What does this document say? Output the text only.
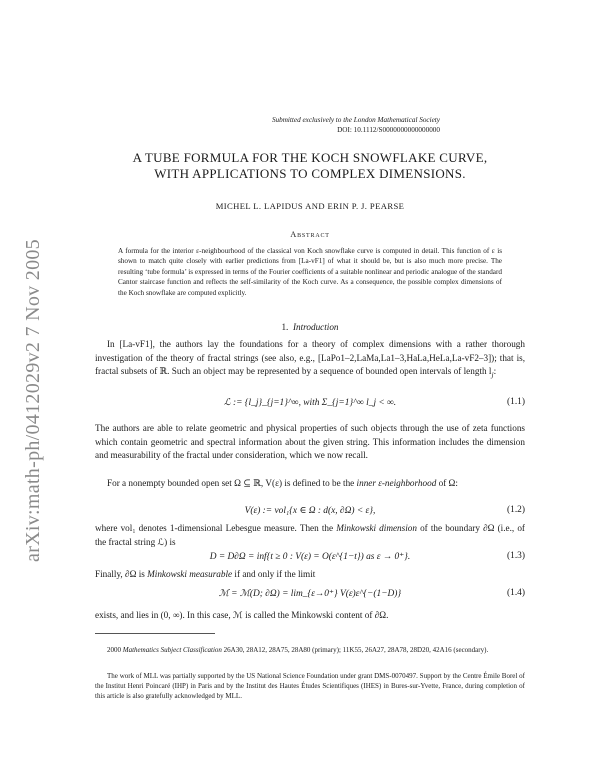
arXiv:math-ph/0412029v2 7 Nov 2005
Submitted exclusively to the London Mathematical Society
DOI: 10.1112/S0000000000000000
A TUBE FORMULA FOR THE KOCH SNOWFLAKE CURVE,
WITH APPLICATIONS TO COMPLEX DIMENSIONS.
MICHEL L. LAPIDUS AND ERIN P. J. PEARSE
Abstract
A formula for the interior ε-neighbourhood of the classical von Koch snowflake curve is computed in detail. This function of ε is shown to match quite closely with earlier predictions from [La-vF1] of what it should be, but is also much more precise. The resulting ‘tube formula’ is expressed in terms of the Fourier coefficients of a suitable nonlinear and periodic analogue of the standard Cantor staircase function and reflects the self-similarity of the Koch curve. As a consequence, the possible complex dimensions of the Koch snowflake are computed explicitly.
1. Introduction
In [La-vF1], the authors lay the foundations for a theory of complex dimensions with a rather thorough investigation of the theory of fractal strings (see also, e.g., [LaPo1–2,LaMa,La1–3,HaLa,HeLa,La-vF2–3]); that is, fractal subsets of ℝ. Such an object may be represented by a sequence of bounded open intervals of length $l_j$:
ℒ := {l_j}_{j=1}^∞, with Σ_{j=1}^∞ l_j < ∞.	(1.1)
The authors are able to relate geometric and physical properties of such objects through the use of zeta functions which contain geometric and spectral information about the given string. This information includes the dimension and measurability of the fractal under consideration, which we now recall.
For a nonempty bounded open set Ω ⊆ ℝ, V(ε) is defined to be the inner ε-neighborhood of Ω:
V(ε) := vol₁{x ∈ Ω : d(x, ∂Ω) < ε},	(1.2)
where vol₁ denotes 1-dimensional Lebesgue measure. Then the Minkowski dimension of the boundary ∂Ω (i.e., of the fractal string ℒ) is
D = D∂Ω = inf{t ≥ 0 : V(ε) = O(ε^{1−t}) as ε → 0⁺}.	(1.3)
Finally, ∂Ω is Minkowski measurable if and only if the limit
ℳ = ℳ(D; ∂Ω) = lim_{ε→0⁺} V(ε)ε^{−(1−D)}	(1.4)
exists, and lies in (0, ∞). In this case, ℳ is called the Minkowski content of ∂Ω.
2000 Mathematics Subject Classification 26A30, 28A12, 28A75, 28A80 (primary); 11K55, 26A27, 28A78, 28D20, 42A16 (secondary).
The work of MLL was partially supported by the US National Science Foundation under grant DMS-0070497. Support by the Centre Émile Borel of the Institut Henri Poincaré (IHP) in Paris and by the Institut des Hautes Études Scientifiques (IHES) in Bures-sur-Yvette, France, during completion of this article is also gratefully acknowledged by MLL.
